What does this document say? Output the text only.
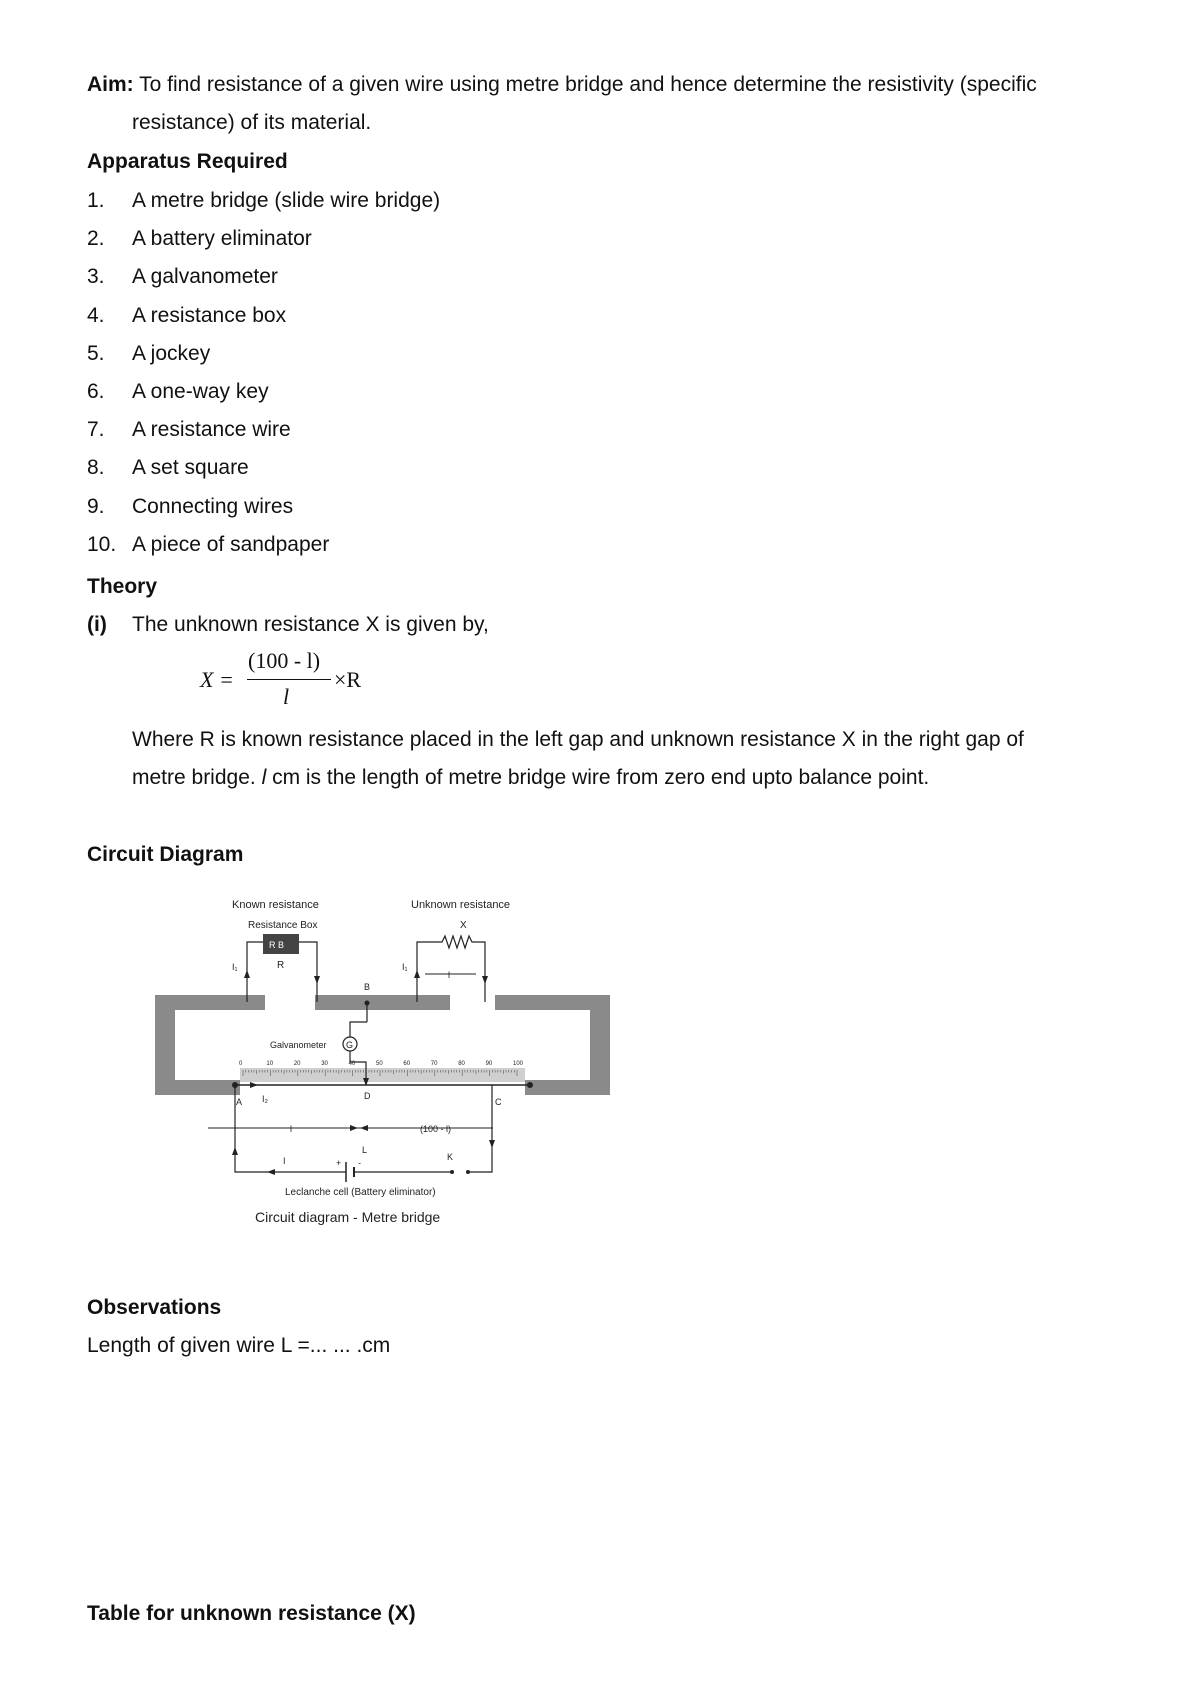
Aim: To find resistance of a given wire using metre bridge and hence determine the resistivity (specific
resistance) of its material.
Apparatus Required
1. A metre bridge (slide wire bridge)
2. A battery eliminator
3. A galvanometer
4. A resistance box
5. A jockey
6. A one-way key
7. A resistance wire
8. A set square
9. Connecting wires
10. A piece of sandpaper
Theory
(i) The unknown resistance X is given by,
X =
(100 - l)
l
×R
Where R is known resistance placed in the left gap and unknown resistance X in the right gap of
metre bridge. l cm is the length of metre bridge wire from zero end upto balance point.
Circuit Diagram
0	10	20	30	40	50	60	70	80	90	100
R B
Known resistance	Unknown resistance
Resistance Box
R
X
B
Galvanometer G
I₁	I₁
l
A I₂	D
C
l	(100 - l)
I
L
+ -
K
Leclanche cell (Battery eliminator)
Circuit diagram - Metre bridge
Observations
Length of given wire L =... ... .cm
Table for unknown resistance (X)
